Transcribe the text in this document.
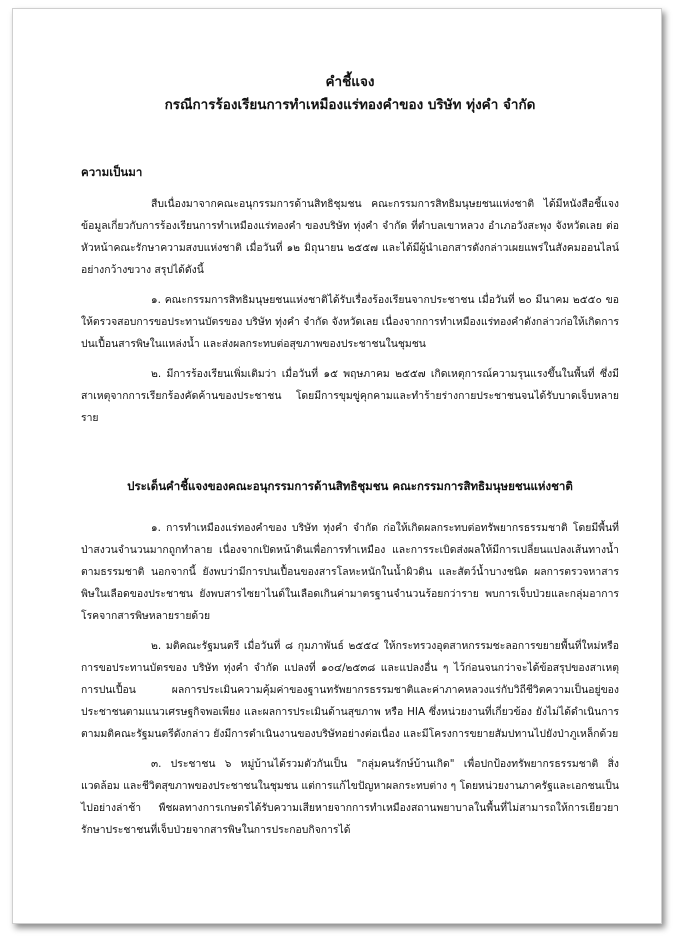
คำชี้แจง
กรณีการร้องเรียนการทำเหมืองแร่ทองคำของ บริษัท ทุ่งคำ จำกัด
ความเป็นมา

สืบเนื่องมาจากคณะอนุกรรมการด้านสิทธิชุมชน คณะกรรมการสิทธิมนุษยชนแห่งชาติ ได้มีหนังสือชี้แจงข้อมูลเกี่ยวกับการร้องเรียนการทำเหมืองแร่ทองคำ ของบริษัท ทุ่งคำ จำกัด ที่ตำบลเขาหลวง อำเภอวังสะพุง จังหวัดเลย ต่อหัวหน้าคณะรักษาความสงบแห่งชาติ เมื่อวันที่ ๑๒ มิถุนายน ๒๕๕๗ และได้มีผู้นำเอกสารดังกล่าวเผยแพร่ในสังคมออนไลน์อย่างกว้างขวาง สรุปได้ดังนี้

๑. คณะกรรมการสิทธิมนุษยชนแห่งชาติได้รับเรื่องร้องเรียนจากประชาชน เมื่อวันที่ ๒๐ มีนาคม ๒๕๕๐ ขอให้ตรวจสอบการขอประทานบัตรของ บริษัท ทุ่งคำ จำกัด จังหวัดเลย เนื่องจากการทำเหมืองแร่ทองคำดังกล่าวก่อให้เกิดการปนเปื้อนสารพิษในแหล่งน้ำ และส่งผลกระทบต่อสุขภาพของประชาชนในชุมชน

๒. มีการร้องเรียนเพิ่มเติมว่า เมื่อวันที่ ๑๕ พฤษภาคม ๒๕๕๗ เกิดเหตุการณ์ความรุนแรงขึ้นในพื้นที่ ซึ่งมีสาเหตุจากการเรียกร้องคัดค้านของประชาชน โดยมีการขุมขู่คุกคามและทำร้ายร่างกายประชาชนจนได้รับบาดเจ็บหลายราย

ประเด็นคำชี้แจงของคณะอนุกรรมการด้านสิทธิชุมชน คณะกรรมการสิทธิมนุษยชนแห่งชาติ

๑. การทำเหมืองแร่ทองคำของ บริษัท ทุ่งคำ จำกัด ก่อให้เกิดผลกระทบต่อทรัพยากรธรรมชาติ โดยมีพื้นที่ป่าสงวนจำนวนมากถูกทำลาย เนื่องจากเปิดหน้าดินเพื่อการทำเหมือง และการระเบิดส่งผลให้มีการเปลี่ยนแปลงเส้นทางน้ำตามธรรมชาติ นอกจากนี้ ยังพบว่ามีการปนเปื้อนของสารโลหะหนักในน้ำผิวดิน และสัตว์น้ำบางชนิด ผลการตรวจหาสารพิษในเลือดของประชาชน ยังพบสารไซยาไนด์ในเลือดเกินค่ามาตรฐานจำนวนร้อยกว่าราย พบการเจ็บป่วยและกลุ่มอาการโรคจากสารพิษหลายรายด้วย

๒. มติคณะรัฐมนตรี เมื่อวันที่ ๘ กุมภาพันธ์ ๒๕๕๔ ให้กระทรวงอุตสาหกรรมชะลอการขยายพื้นที่ใหม่หรือการขอประทานบัตรของ บริษัท ทุ่งคำ จำกัด แปลงที่ ๑๐๔/๒๕๓๘ และแปลงอื่น ๆ ไว้ก่อนจนกว่าจะได้ข้อสรุปของสาเหตุการปนเปื้อน ผลการประเมินความคุ้มค่าของฐานทรัพยากรธรรมชาติและค่าภาคหลวงแร่กับวิถีชีวิตความเป็นอยู่ของประชาชนตามแนวเศรษฐกิจพอเพียง และผลการประเมินด้านสุขภาพ หรือ HIA ซึ่งหน่วยงานที่เกี่ยวข้อง ยังไม่ได้ดำเนินการตามมติคณะรัฐมนตรีดังกล่าว ยังมีการดำเนินงานของบริษัทอย่างต่อเนื่อง และมีโครงการขยายสัมปทานไปยังป่าภูเหล็กด้วย

๓. ประชาชน ๖ หมู่บ้านได้รวมตัวกันเป็น "กลุ่มคนรักษ์บ้านเกิด" เพื่อปกป้องทรัพยากรธรรมชาติ สิ่งแวดล้อม และชีวิตสุขภาพของประชาชนในชุมชน แต่การแก้ไขปัญหาผลกระทบต่าง ๆ โดยหน่วยงานภาครัฐและเอกชนเป็นไปอย่างล่าช้า พืชผลทางการเกษตรได้รับความเสียหายจากการทำเหมืองสถานพยาบาลในพื้นที่ไม่สามารถให้การเยียวยารักษาประชาชนที่เจ็บป่วยจากสารพิษในการประกอบกิจการได้
